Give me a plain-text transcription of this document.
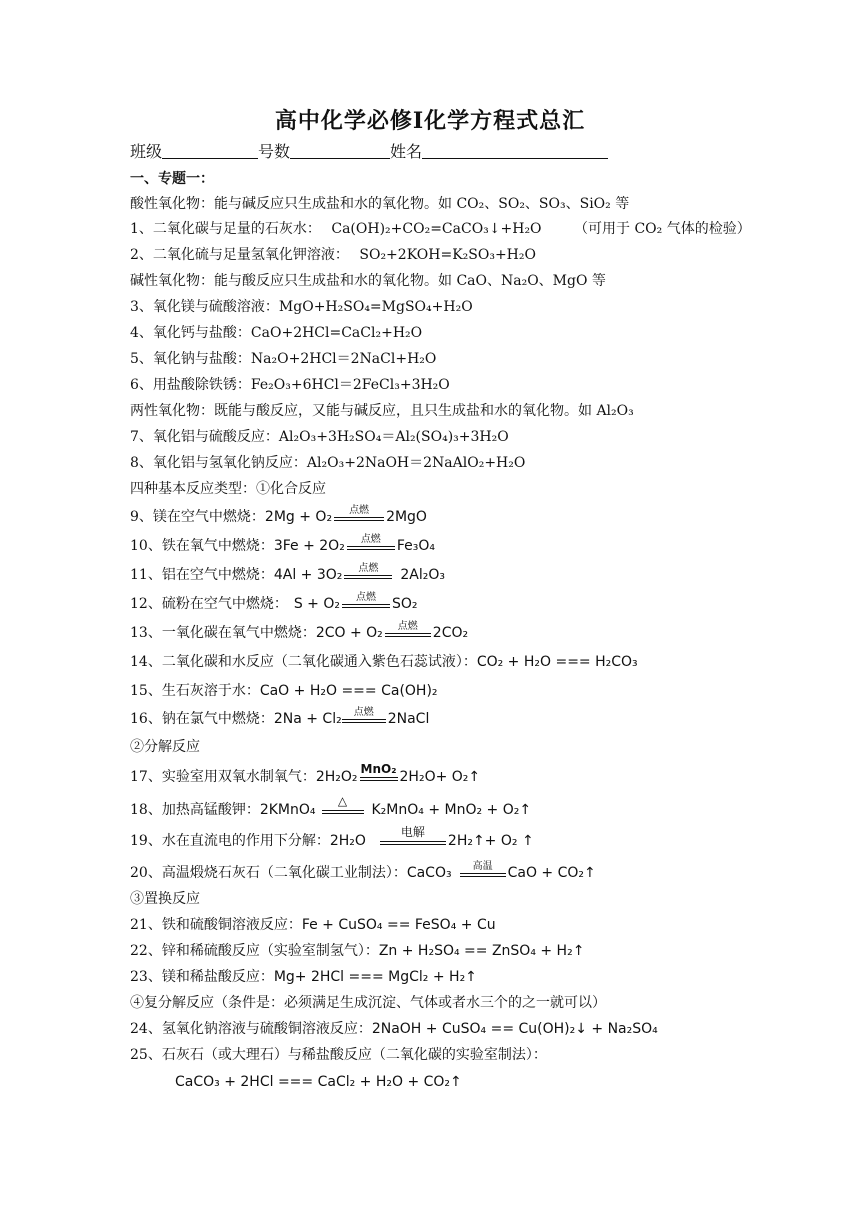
高中化学必修Ⅰ化学方程式总汇
班级	号数	姓名
一、专题一：
酸性氧化物：能与碱反应只生成盐和水的氧化物。如 CO₂、SO₂、SO₃、SiO₂ 等
1、二氧化碳与足量的石灰水： Ca(OH)₂+CO₂=CaCO₃↓+H₂O （可用于 CO₂ 气体的检验）
2、二氧化硫与足量氢氧化钾溶液： SO₂+2KOH=K₂SO₃+H₂O
碱性氧化物：能与酸反应只生成盐和水的氧化物。如 CaO、Na₂O、MgO 等
3、氧化镁与硫酸溶液：MgO+H₂SO₄=MgSO₄+H₂O
4、氧化钙与盐酸：CaO+2HCl=CaCl₂+H₂O
5、氧化钠与盐酸：Na₂O+2HCl＝2NaCl+H₂O
6、用盐酸除铁锈：Fe₂O₃+6HCl＝2FeCl₃+3H₂O
两性氧化物：既能与酸反应，又能与碱反应，且只生成盐和水的氧化物。如 Al₂O₃
7、氧化铝与硫酸反应：Al₂O₃+3H₂SO₄＝Al₂(SO₄)₃+3H₂O
8、氧化铝与氢氧化钠反应：Al₂O₃+2NaOH＝2NaAlO₂+H₂O
四种基本反应类型：①化合反应
9、镁在空气中燃烧：2Mg + O₂	点燃	2MgO
10、铁在氧气中燃烧：3Fe + 2O₂	点燃	Fe₃O₄
11、铝在空气中燃烧：4Al + 3O₂	点燃	2Al₂O₃
12、硫粉在空气中燃烧： S + O₂	点燃	SO₂
13、一氧化碳在氧气中燃烧：2CO + O₂	点燃	2CO₂
14、二氧化碳和水反应（二氧化碳通入紫色石蕊试液）：CO₂ + H₂O === H₂CO₃
15、生石灰溶于水：CaO + H₂O === Ca(OH)₂
16、钠在氯气中燃烧：2Na + Cl₂	点燃	2NaCl
②分解反应
17、实验室用双氧水制氧气：2H₂O₂ MnO₂ 2H₂O+ O₂↑
18、加热高锰酸钾：2KMnO₄
△
K₂MnO₄ + MnO₂ + O₂↑
19、水在直流电的作用下分解：2H₂O
电解
2H₂↑+ O₂ ↑
20、高温煅烧石灰石（二氧化碳工业制法）：CaCO₃	高温	CaO + CO₂↑
③置换反应
21、铁和硫酸铜溶液反应：Fe + CuSO₄ == FeSO₄ + Cu
22、锌和稀硫酸反应（实验室制氢气）：Zn + H₂SO₄ == ZnSO₄ + H₂↑
23、镁和稀盐酸反应：Mg+ 2HCl === MgCl₂ + H₂↑
④复分解反应（条件是：必须满足生成沉淀、气体或者水三个的之一就可以）
24、氢氧化钠溶液与硫酸铜溶液反应：2NaOH + CuSO₄ == Cu(OH)₂↓ + Na₂SO₄
25、石灰石（或大理石）与稀盐酸反应（二氧化碳的实验室制法）：
CaCO₃ + 2HCl === CaCl₂ + H₂O + CO₂↑
